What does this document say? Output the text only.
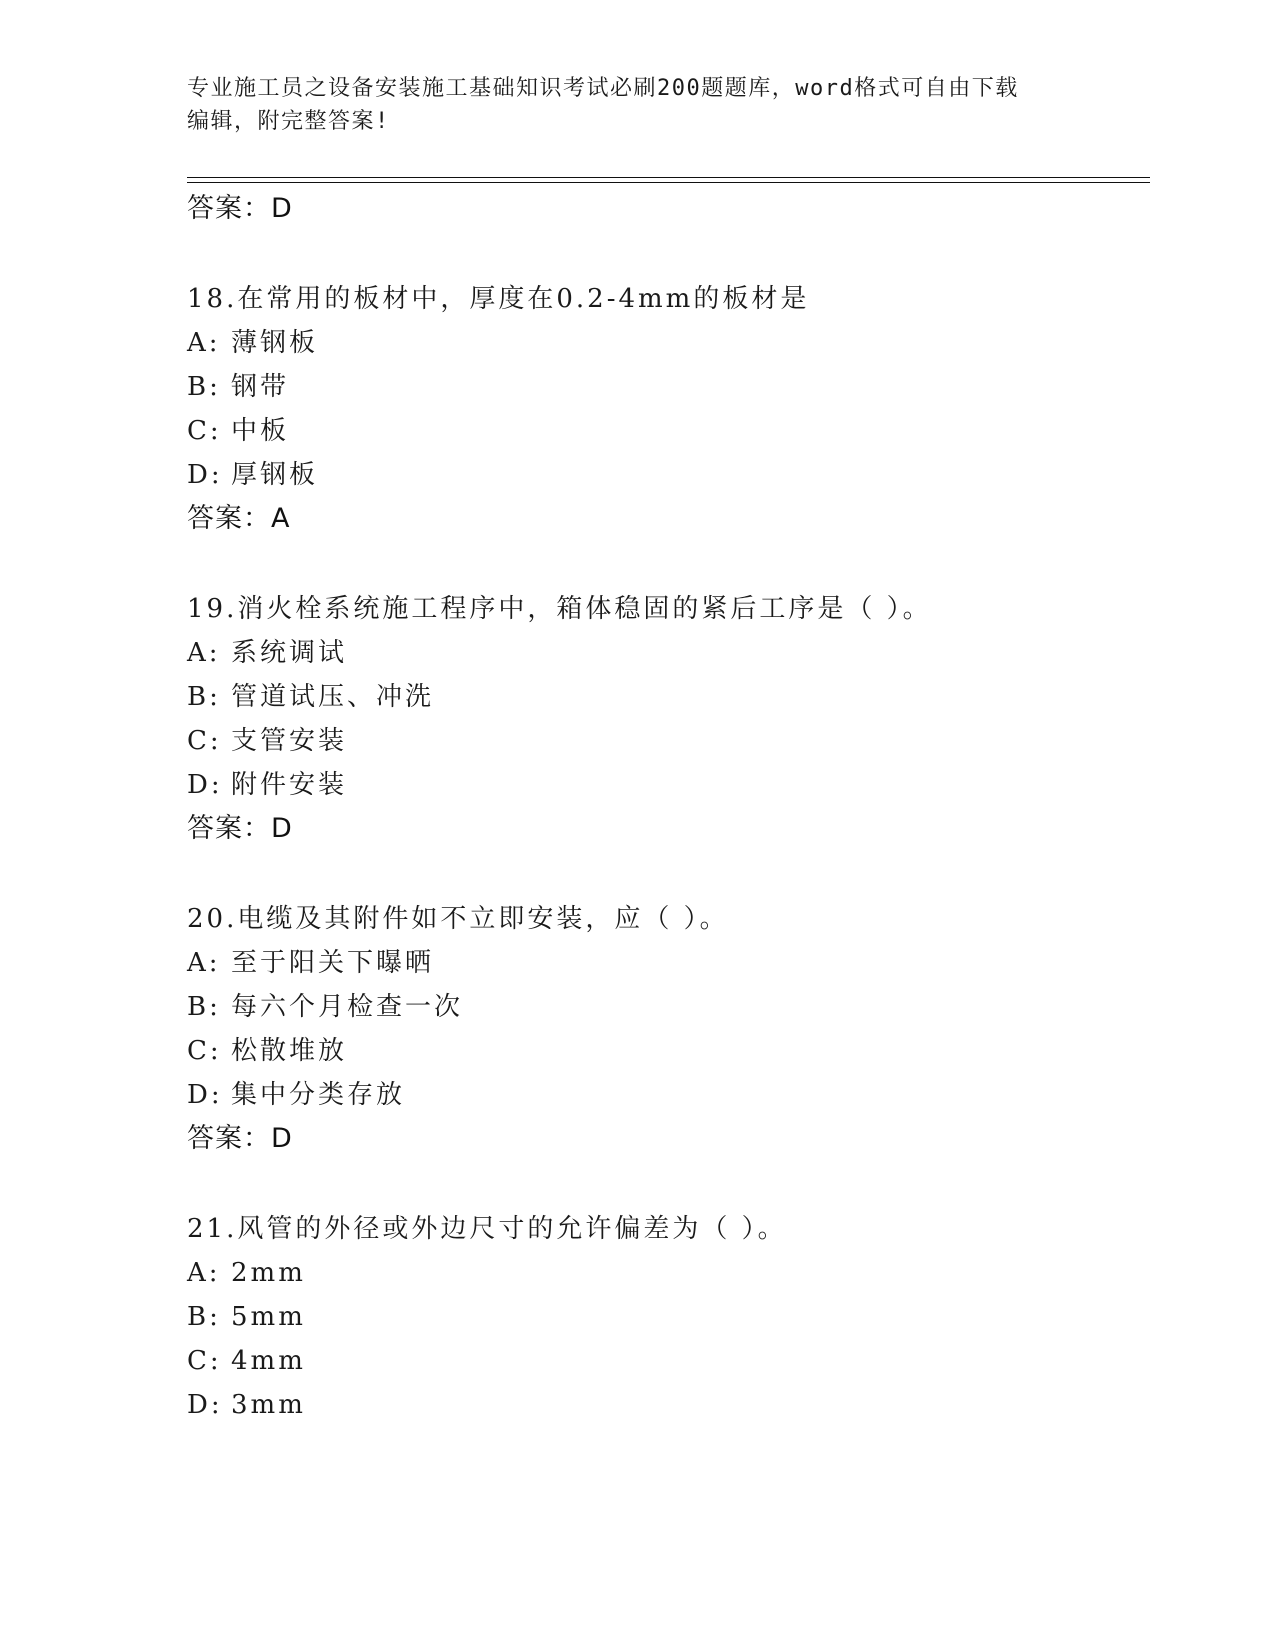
专业施工员之设备安装施工基础知识考试必刷200题题库，word格式可自由下载
编辑，附完整答案!
答案：D
18.在常用的板材中，厚度在0.2-4mm的板材是
A: 薄钢板
B: 钢带
C: 中板
D: 厚钢板
答案：A
19.消火栓系统施工程序中，箱体稳固的紧后工序是（ ）。
A: 系统调试
B: 管道试压、冲洗
C: 支管安装
D: 附件安装
答案：D
20.电缆及其附件如不立即安装，应（ ）。
A: 至于阳关下曝晒
B: 每六个月检查一次
C: 松散堆放
D: 集中分类存放
答案：D
21.风管的外径或外边尺寸的允许偏差为（ ）。
A: 2mm
B: 5mm
C: 4mm
D: 3mm
